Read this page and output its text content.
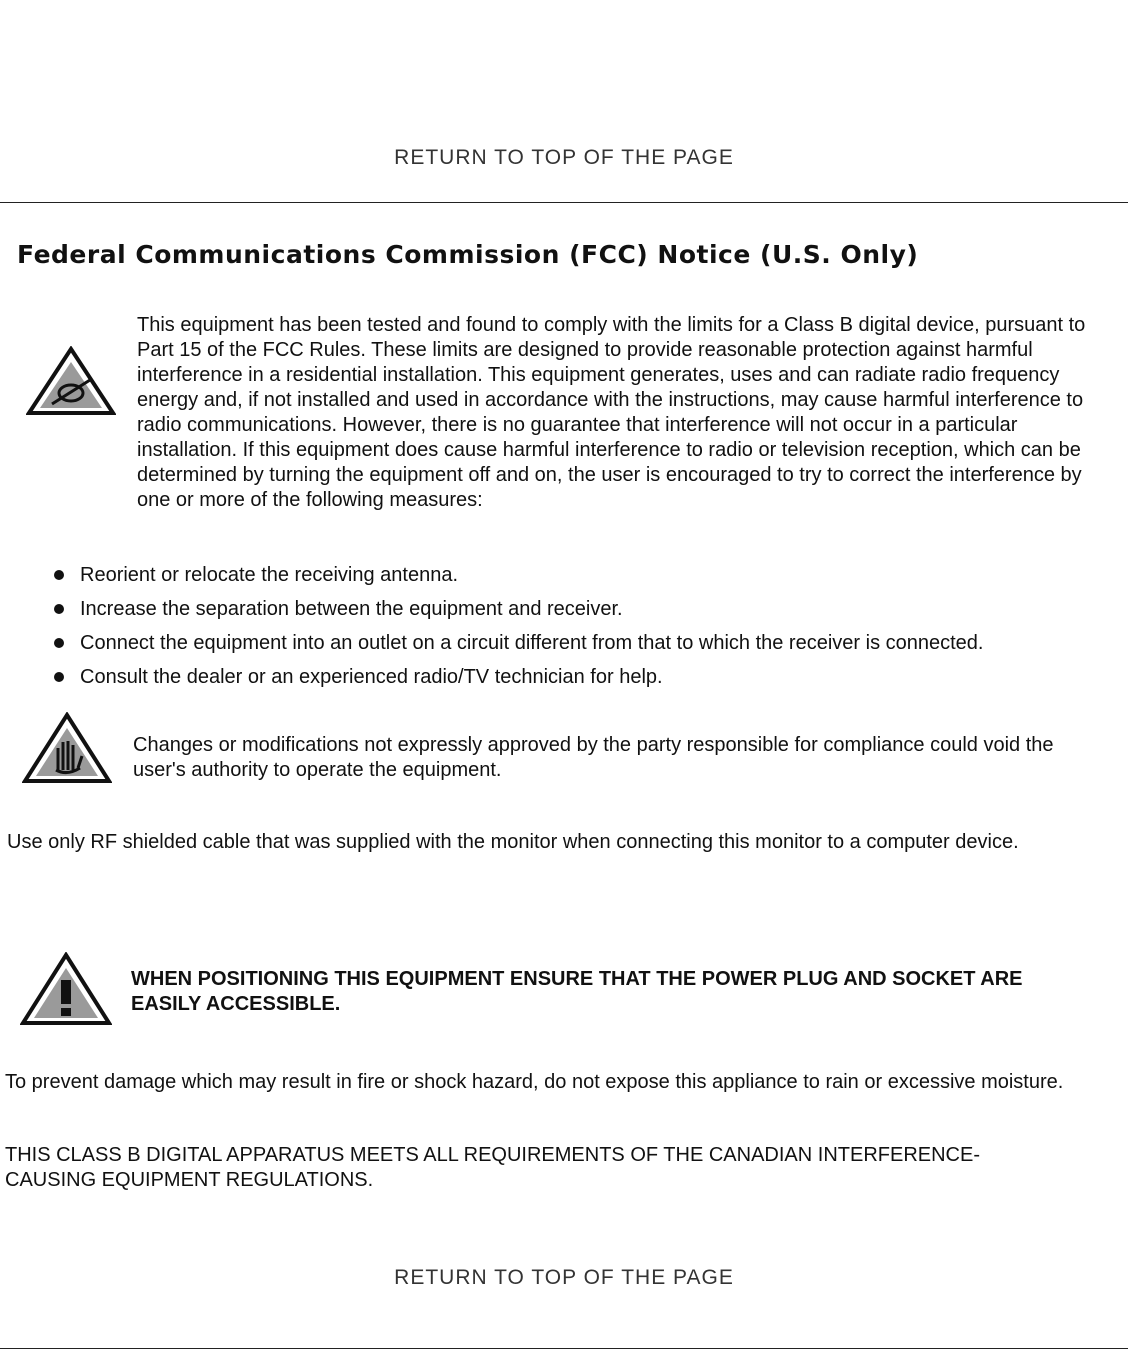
RETURN TO TOP OF THE PAGE
Federal Communications Commission (FCC) Notice (U.S. Only)

This equipment has been tested and found to comply with the limits for a Class B digital device, pursuant to Part 15 of the FCC Rules. These limits are designed to provide reasonable protection against harmful interference in a residential installation. This equipment generates, uses and can radiate radio frequency energy and, if not installed and used in accordance with the instructions, may cause harmful interference to radio communications. However, there is no guarantee that interference will not occur in a particular installation. If this equipment does cause harmful interference to radio or television reception, which can be determined by turning the equipment off and on, the user is encouraged to try to correct the interference by one or more of the following measures:

Reorient or relocate the receiving antenna.
Increase the separation between the equipment and receiver.
Connect the equipment into an outlet on a circuit different from that to which the receiver is connected.
Consult the dealer or an experienced radio/TV technician for help.

Changes or modifications not expressly approved by the party responsible for compliance could void the user's authority to operate the equipment.

Use only RF shielded cable that was supplied with the monitor when connecting this monitor to a computer device.

WHEN POSITIONING THIS EQUIPMENT ENSURE THAT THE POWER PLUG AND SOCKET ARE EASILY ACCESSIBLE.

To prevent damage which may result in fire or shock hazard, do not expose this appliance to rain or excessive moisture.

THIS CLASS B DIGITAL APPARATUS MEETS ALL REQUIREMENTS OF THE CANADIAN INTERFERENCE-CAUSING EQUIPMENT REGULATIONS.

RETURN TO TOP OF THE PAGE
